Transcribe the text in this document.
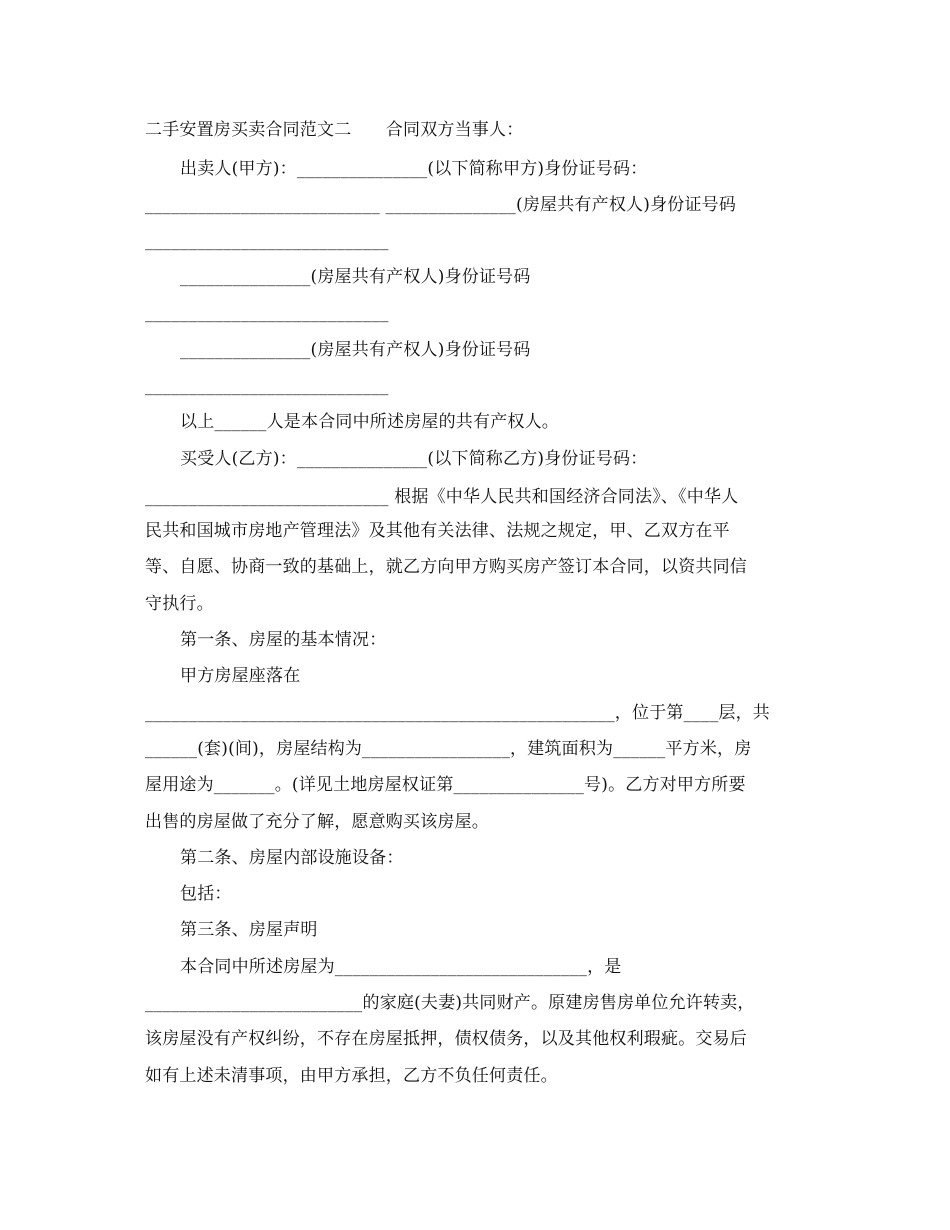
二手安置房买卖合同范文二　　合同双方当事人：
出卖人(甲方)：_______________(以下简称甲方)身份证号码：
___________________________ _______________(房屋共有产权人)身份证号码
____________________________
_______________(房屋共有产权人)身份证号码
____________________________
_______________(房屋共有产权人)身份证号码
____________________________
以上______人是本合同中所述房屋的共有产权人。
买受人(乙方)：_______________(以下简称乙方)身份证号码：
____________________________ 根据《中华人民共和国经济合同法》、《中华人
民共和国城市房地产管理法》及其他有关法律、法规之规定，甲、乙双方在平
等、自愿、协商一致的基础上，就乙方向甲方购买房产签订本合同，以资共同信
守执行。
第一条、房屋的基本情况：
甲方房屋座落在
______________________________________________________，位于第____层，共
______(套)(间)，房屋结构为_________________，建筑面积为______平方米，房
屋用途为_______。(详见土地房屋权证第_______________号)。乙方对甲方所要
出售的房屋做了充分了解，愿意购买该房屋。
第二条、房屋内部设施设备：
包括：
第三条、房屋声明
本合同中所述房屋为_____________________________，是
_________________________的家庭(夫妻)共同财产。原建房售房单位允许转卖，
该房屋没有产权纠纷，不存在房屋抵押，债权债务，以及其他权利瑕疵。交易后
如有上述未清事项，由甲方承担，乙方不负任何责任。
